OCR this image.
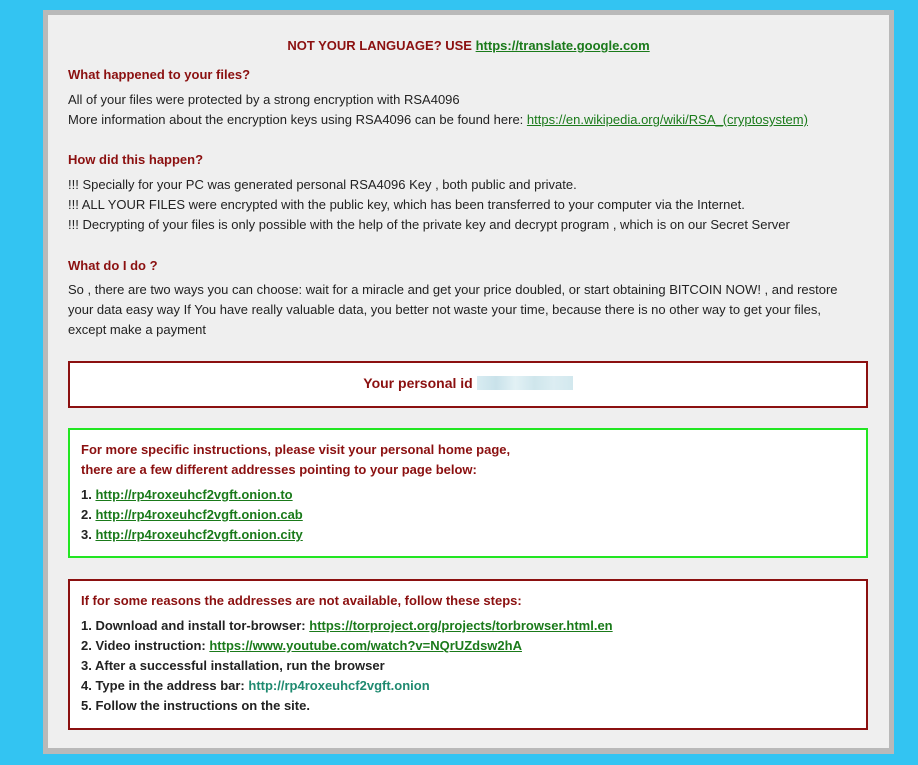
NOT YOUR LANGUAGE? USE https://translate.google.com
What happened to your files?
All of your files were protected by a strong encryption with RSA4096
More information about the encryption keys using RSA4096 can be found here: https://en.wikipedia.org/wiki/RSA_(cryptosystem)
How did this happen?
!!! Specially for your PC was generated personal RSA4096 Key , both public and private.
!!! ALL YOUR FILES were encrypted with the public key, which has been transferred to your computer via the Internet.
!!! Decrypting of your files is only possible with the help of the private key and decrypt program , which is on our Secret Server
What do I do ?
So , there are two ways you can choose: wait for a miracle and get your price doubled, or start obtaining BITCOIN NOW! , and restore
your data easy way If You have really valuable data, you better not waste your time, because there is no other way to get your files,
except make a payment
Your personal id
For more specific instructions, please visit your personal home page,
there are a few different addresses pointing to your page below:
1. http://rp4roxeuhcf2vgft.onion.to
2. http://rp4roxeuhcf2vgft.onion.cab
3. http://rp4roxeuhcf2vgft.onion.city
If for some reasons the addresses are not available, follow these steps:
1. Download and install tor-browser: https://torproject.org/projects/torbrowser.html.en
2. Video instruction: https://www.youtube.com/watch?v=NQrUZdsw2hA
3. After a successful installation, run the browser
4. Type in the address bar: http://rp4roxeuhcf2vgft.onion
5. Follow the instructions on the site.
